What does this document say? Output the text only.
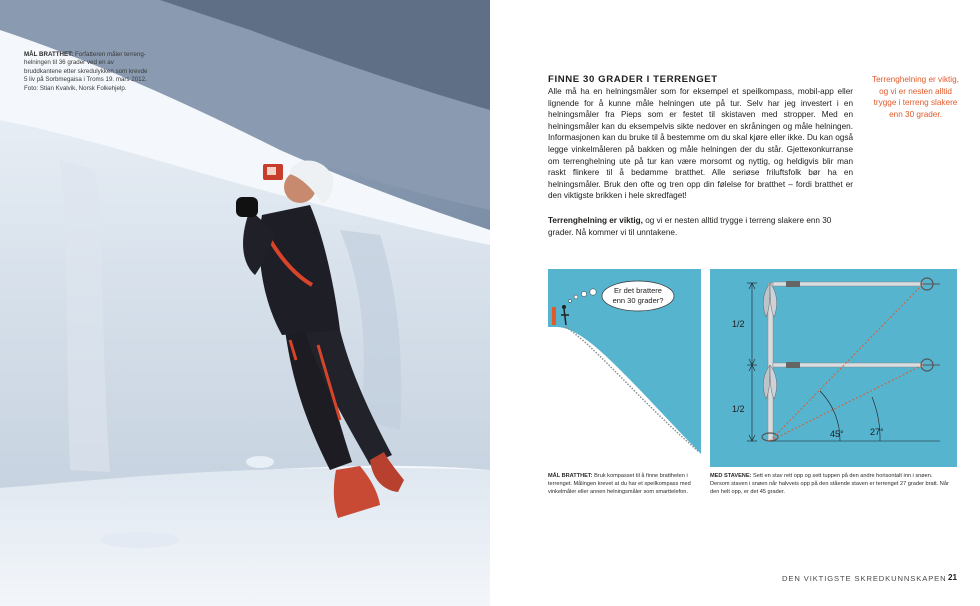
MÅL BRATTHET: Forfatteren måler terreng-helningen til 36 grader ved en av bruddkantene etter skredulykken som krevde 5 liv på Sorbmegaisa i Troms 19. mars 2012. Foto: Stian Kvalvik, Norsk Folkehjelp.
FINNE 30 GRADER I TERRENGET

Alle må ha en helningsmåler som for eksempel et speilkompass, mobil-app eller lignende for å kunne måle helningen ute på tur. Selv har jeg investert i en helningsmåler fra Pieps som er festet til skistaven med stropper. Med en helningsmåler kan du eksempelvis sikte nedover en skråningen og måle helningen. Informasjonen kan du bruke til å bestemme om du skal kjøre eller ikke. Du kan også legge vinkelmåleren på bakken og måle helningen der du står. Gjetteкonkurranse om terrenghelning ute på tur kan være morsomt og nyttig, og heldigvis blir man raskt flinkere til å bedømme bratthet. Alle seriøse friluftsfolk bør ha en helningsmåler. Bruk den ofte og tren opp din følelse for bratthet – fordi bratthet er den viktigste brikken i hele skredfaget!

Terrenghelning er viktig, og vi er nesten alltid trygge i terreng slakere enn 30 grader. Nå kommer vi til unntakene.

Terrenghelning er viktig, og vi er nesten alltid trygge i terreng slakere enn 30 grader.
Er det brattere
enn 30 grader?
MÅL BRATTHET: Bruk kompasset til å finne brattheten i terrenget. Målingen krevet at du har et speilkompass med vinkelmåler eller annen helningsmåler som smarttelefon.
1/2
1/2
45°	27°
MED STAVENE: Sett en stav rett opp og sett tuppen på den andre horisontalt inn i snøen. Dersom staven i snøen når halvveis opp på den stående staven er terrenget 27 grader bratt. Når den helt opp, er det 45 grader.
DEN VIKTIGSTE SKREDKUNNSKAPEN 21
